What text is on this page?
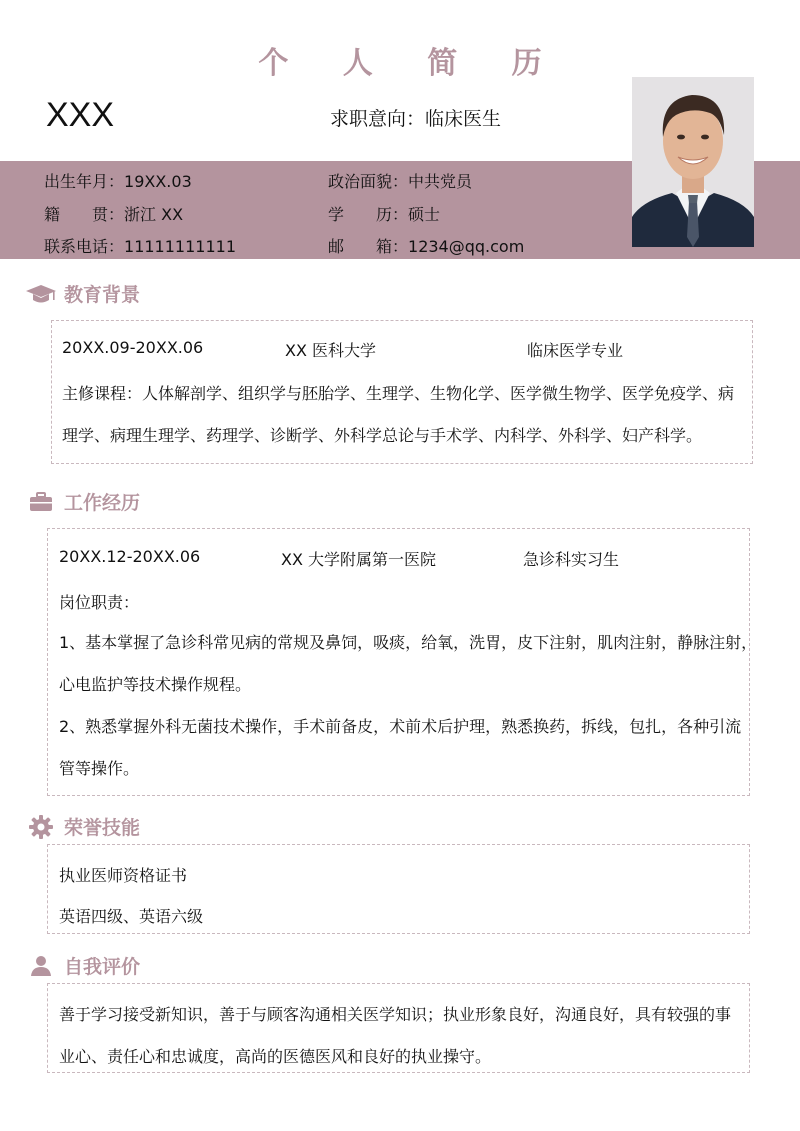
个 人 简 历
XXX	求职意向：临床医生
出生年月：19XX.03	政治面貌：中共党员
籍　　贯：浙江 XX	学　　历：硕士
联系电话：11111111111	邮　　箱：1234@qq.com
教育背景
20XX.09-20XX.06	XX 医科大学	临床医学专业
主修课程：人体解剖学、组织学与胚胎学、生理学、生物化学、医学微生物学、医学免疫学、病
理学、病理生理学、药理学、诊断学、外科学总论与手术学、内科学、外科学、妇产科学。
工作经历
20XX.12-20XX.06	XX 大学附属第一医院	急诊科实习生
岗位职责：
1、基本掌握了急诊科常见病的常规及鼻饲，吸痰，给氧，洗胃，皮下注射，肌肉注射，静脉注射，
心电监护等技术操作规程。
2、熟悉掌握外科无菌技术操作，手术前备皮，术前术后护理，熟悉换药，拆线，包扎，各种引流
管等操作。
荣誉技能
执业医师资格证书
英语四级、英语六级
自我评价
善于学习接受新知识，善于与顾客沟通相关医学知识；执业形象良好，沟通良好，具有较强的事
业心、责任心和忠诚度，高尚的医德医风和良好的执业操守。
